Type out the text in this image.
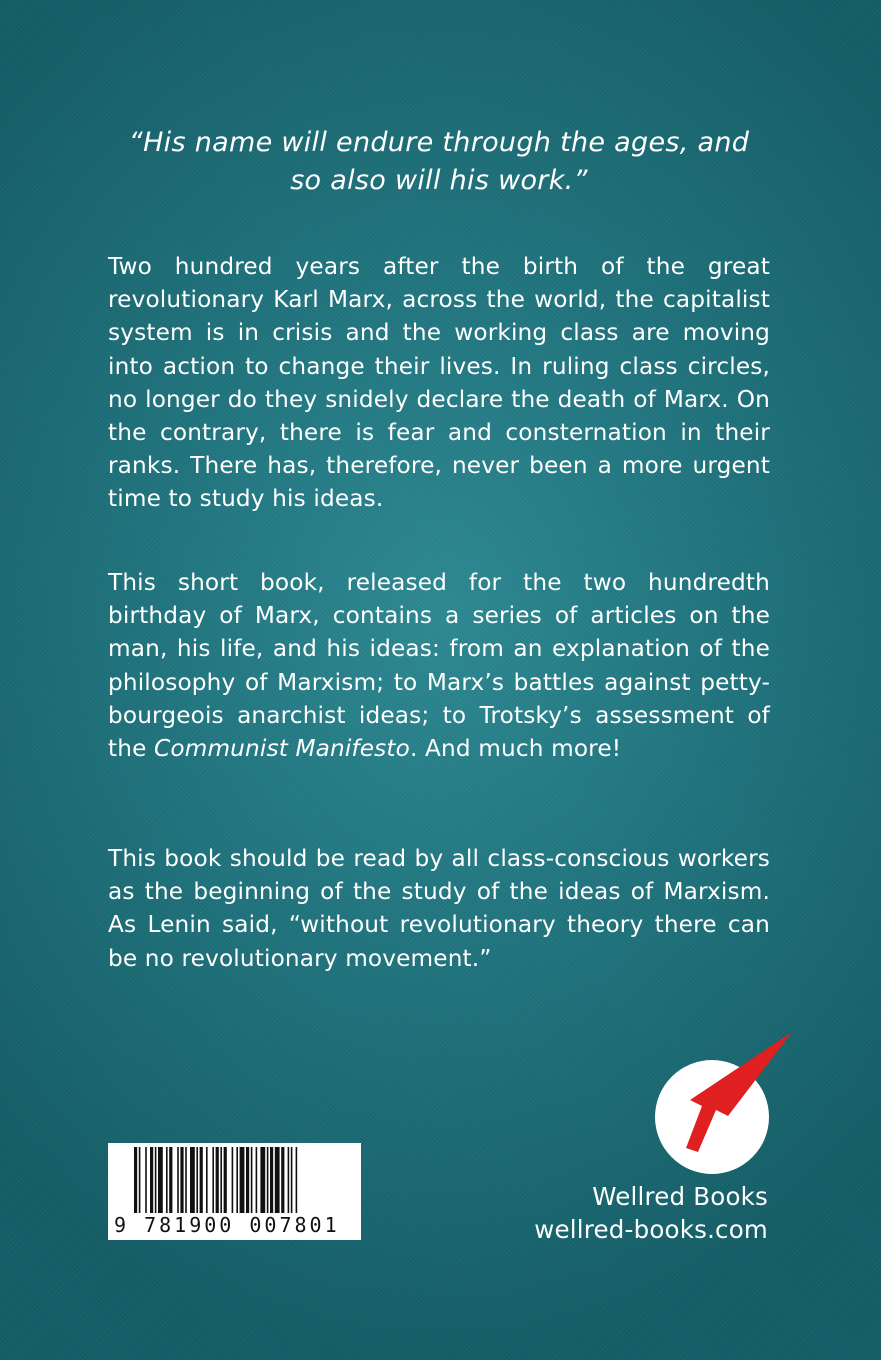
“His name will endure through the ages, and
so also will his work.”

Two hundred years after the birth of the great revolutionary Karl Marx, across the world, the capitalist system is in crisis and the working class are moving into action to change their lives. In ruling class circles, no longer do they snidely declare the death of Marx. On the contrary, there is fear and consternation in their ranks. There has, therefore, never been a more urgent time to study his ideas.

This short book, released for the two hundredth birthday of Marx, contains a series of articles on the man, his life, and his ideas: from an explanation of the philosophy of Marxism; to Marx’s battles against petty-bourgeois anarchist ideas; to Trotsky’s assessment of the Communist Manifesto. And much more!

This book should be read by all class-conscious workers as the beginning of the study of the ideas of Marxism. As Lenin said, “without revolutionary theory there can be no revolutionary movement.”

9 781900 007801
Wellred Books
wellred-books.com
